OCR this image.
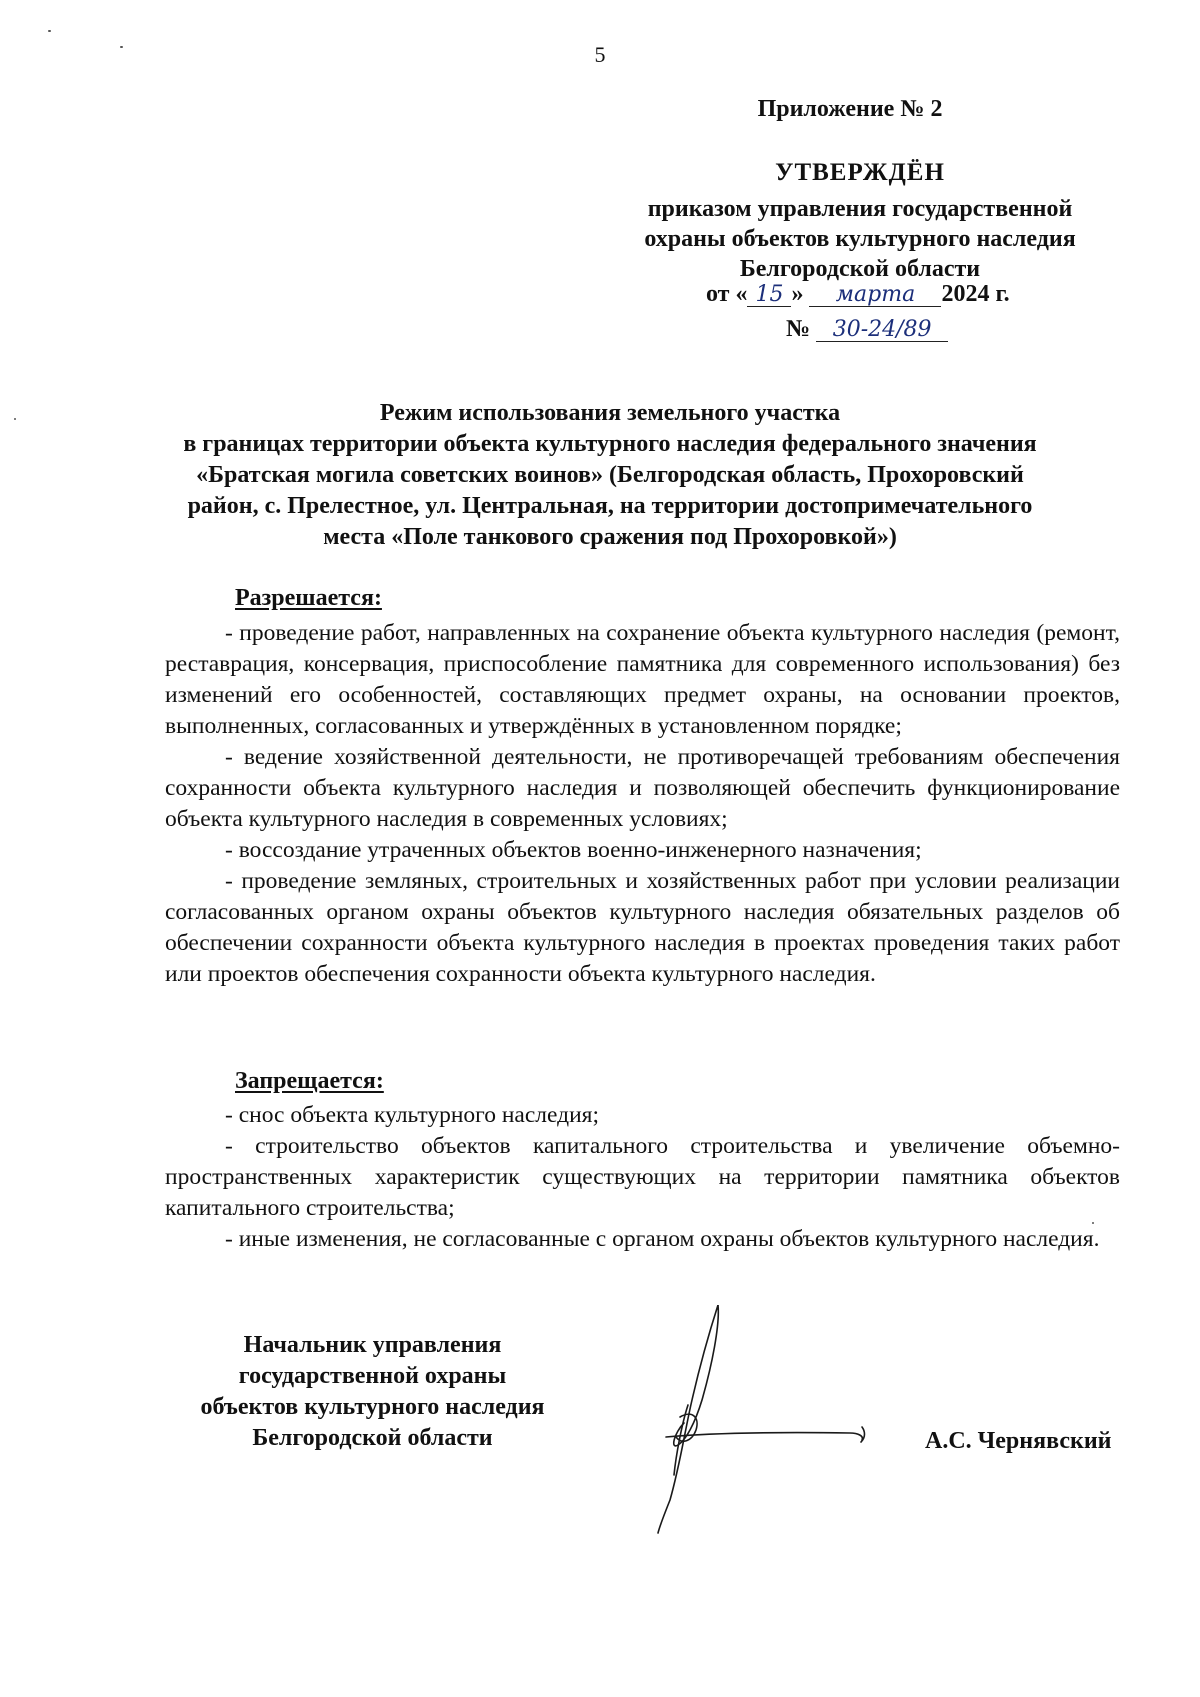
5
Приложение № 2
УТВЕРЖДЁН
приказом управления государственной
охраны объектов культурного наследия
Белгородской области
от « 15 » марта 2024 г.
№ 30-24/89
Режим использования земельного участка
в границах территории объекта культурного наследия федерального значения
«Братская могила советских воинов» (Белгородская область, Прохоровский
район, с. Прелестное, ул. Центральная, на территории достопримечательного
места «Поле танкового сражения под Прохоровкой»)
Разрешается:

- проведение работ, направленных на сохранение объекта культурного наследия (ремонт, реставрация, консервация, приспособление памятника для современного использования) без изменений его особенностей, составляющих предмет охраны, на основании проектов, выполненных, согласованных и утверждённых в установленном порядке;

- ведение хозяйственной деятельности, не противоречащей требованиям обеспечения сохранности объекта культурного наследия и позволяющей обеспечить функционирование объекта культурного наследия в современных условиях;

- воссоздание утраченных объектов военно-инженерного назначения;

- проведение земляных, строительных и хозяйственных работ при условии реализации согласованных органом охраны объектов культурного наследия обязательных разделов об обеспечении сохранности объекта культурного наследия в проектах проведения таких работ или проектов обеспечения сохранности объекта культурного наследия.

Запрещается:

- снос объекта культурного наследия;

- строительство объектов капитального строительства и увеличение объемно-пространственных характеристик существующих на территории памятника объектов капитального строительства;

- иные изменения, не согласованные с органом охраны объектов культурного наследия.

Начальник управления
государственной охраны
объектов культурного наследия
Белгородской области	А.С. Чернявский
